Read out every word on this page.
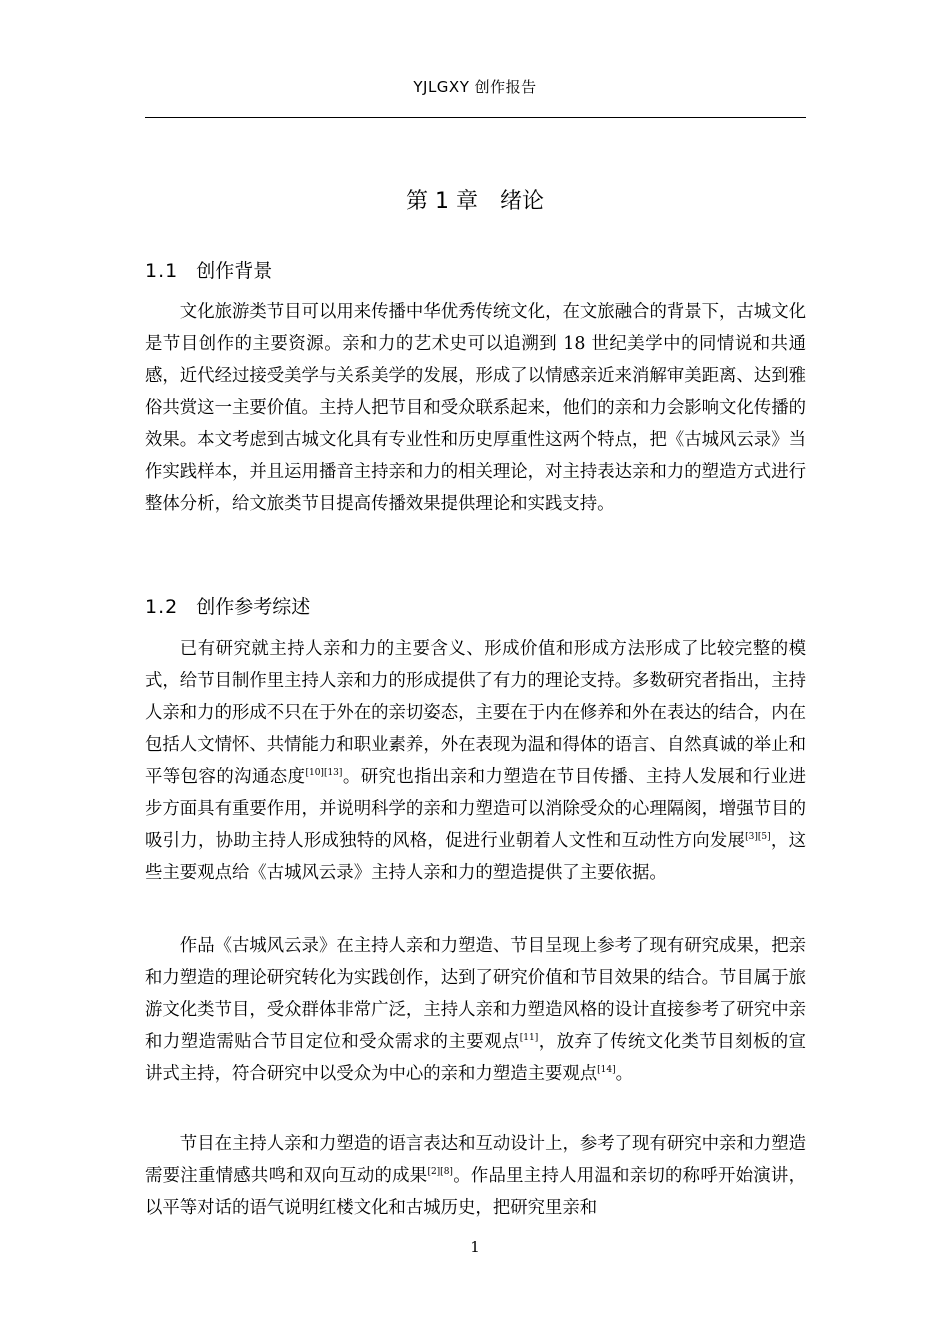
YJLGXY 创作报告
第 1 章　绪论
1.1 创作背景

文化旅游类节目可以用来传播中华优秀传统文化，在文旅融合的背景下，古城文化是节目创作的主要资源。亲和力的艺术史可以追溯到 18 世纪美学中的同情说和共通感，近代经过接受美学与关系美学的发展，形成了以情感亲近来消解审美距离、达到雅俗共赏这一主要价值。主持人把节目和受众联系起来，他们的亲和力会影响文化传播的效果。本文考虑到古城文化具有专业性和历史厚重性这两个特点，把《古城风云录》当作实践样本，并且运用播音主持亲和力的相关理论，对主持表达亲和力的塑造方式进行整体分析，给文旅类节目提高传播效果提供理论和实践支持。

1.2 创作参考综述

已有研究就主持人亲和力的主要含义、形成价值和形成方法形成了比较完整的模式，给节目制作里主持人亲和力的形成提供了有力的理论支持。多数研究者指出，主持人亲和力的形成不只在于外在的亲切姿态，主要在于内在修养和外在表达的结合，内在包括人文情怀、共情能力和职业素养，外在表现为温和得体的语言、自然真诚的举止和平等包容的沟通态度[10][13]。研究也指出亲和力塑造在节目传播、主持人发展和行业进步方面具有重要作用，并说明科学的亲和力塑造可以消除受众的心理隔阂，增强节目的吸引力，协助主持人形成独特的风格，促进行业朝着人文性和互动性方向发展[3][5]，这些主要观点给《古城风云录》主持人亲和力的塑造提供了主要依据。

作品《古城风云录》在主持人亲和力塑造、节目呈现上参考了现有研究成果，把亲和力塑造的理论研究转化为实践创作，达到了研究价值和节目效果的结合。节目属于旅游文化类节目，受众群体非常广泛，主持人亲和力塑造风格的设计直接参考了研究中亲和力塑造需贴合节目定位和受众需求的主要观点[11]，放弃了传统文化类节目刻板的宣讲式主持，符合研究中以受众为中心的亲和力塑造主要观点[14]。

节目在主持人亲和力塑造的语言表达和互动设计上，参考了现有研究中亲和力塑造需要注重情感共鸣和双向互动的成果[2][8]。作品里主持人用温和亲切的称呼开始演讲，以平等对话的语气说明红楼文化和古城历史，把研究里亲和

1
